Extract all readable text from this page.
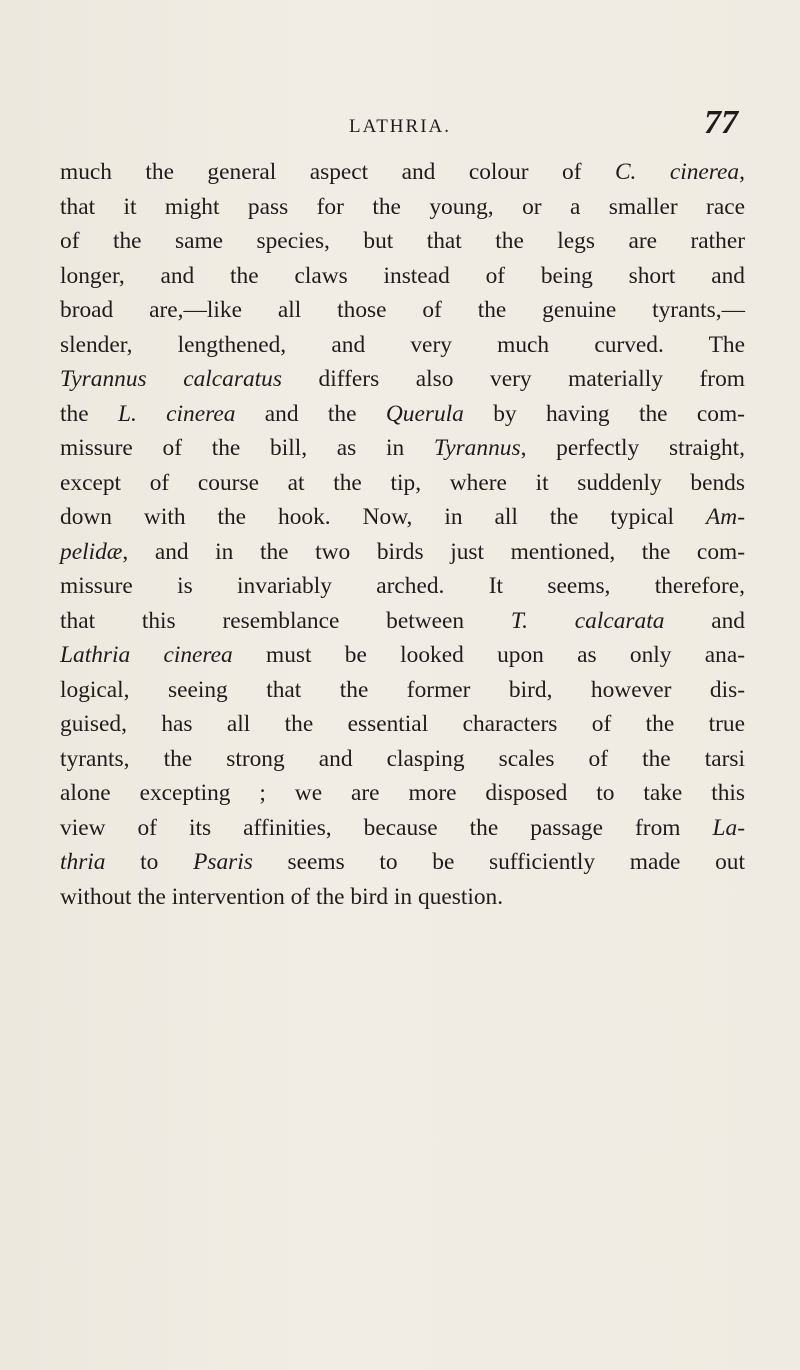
LATHRIA.	77
much the general aspect and colour of C. cinerea,
that it might pass for the young, or a smaller race
of the same species, but that the legs are rather
longer, and the claws instead of being short and
broad are,—like all those of the genuine tyrants,—
slender, lengthened, and very much curved. The
Tyrannus calcaratus differs also very materially from
the L. cinerea and the Querula by having the com-
missure of the bill, as in Tyrannus, perfectly straight,
except of course at the tip, where it suddenly bends
down with the hook. Now, in all the typical Am-
pelidæ, and in the two birds just mentioned, the com-
missure is invariably arched. It seems, therefore,
that this resemblance between T. calcarata and
Lathria cinerea must be looked upon as only ana-
logical, seeing that the former bird, however dis-
guised, has all the essential characters of the true
tyrants, the strong and clasping scales of the tarsi
alone excepting ; we are more disposed to take this
view of its affinities, because the passage from La-
thria to Psaris seems to be sufficiently made out
without the intervention of the bird in question.
